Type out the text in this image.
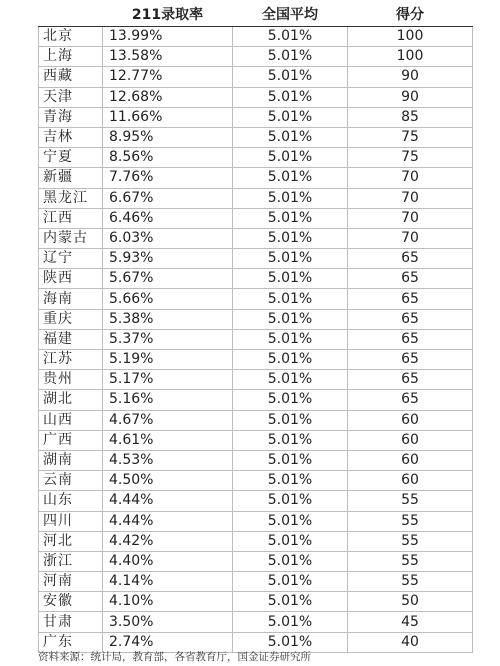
	211录取率	全国平均	得分
北京	13.99%	5.01%	100
上海	13.58%	5.01%	100
西藏	12.77%	5.01%	90
天津	12.68%	5.01%	90
青海	11.66%	5.01%	85
吉林	8.95%	5.01%	75
宁夏	8.56%	5.01%	75
新疆	7.76%	5.01%	70
黑龙江	6.67%	5.01%	70
江西	6.46%	5.01%	70
内蒙古	6.03%	5.01%	70
辽宁	5.93%	5.01%	65
陕西	5.67%	5.01%	65
海南	5.66%	5.01%	65
重庆	5.38%	5.01%	65
福建	5.37%	5.01%	65
江苏	5.19%	5.01%	65
贵州	5.17%	5.01%	65
湖北	5.16%	5.01%	65
山西	4.67%	5.01%	60
广西	4.61%	5.01%	60
湖南	4.53%	5.01%	60
云南	4.50%	5.01%	60
山东	4.44%	5.01%	55
四川	4.44%	5.01%	55
河北	4.42%	5.01%	55
浙江	4.40%	5.01%	55
河南	4.14%	5.01%	55
安徽	4.10%	5.01%	50
甘肃	3.50%	5.01%	45
广东	2.74%	5.01%	40
资料来源：统计局，教育部，各省教育厅，国金证券研究所
